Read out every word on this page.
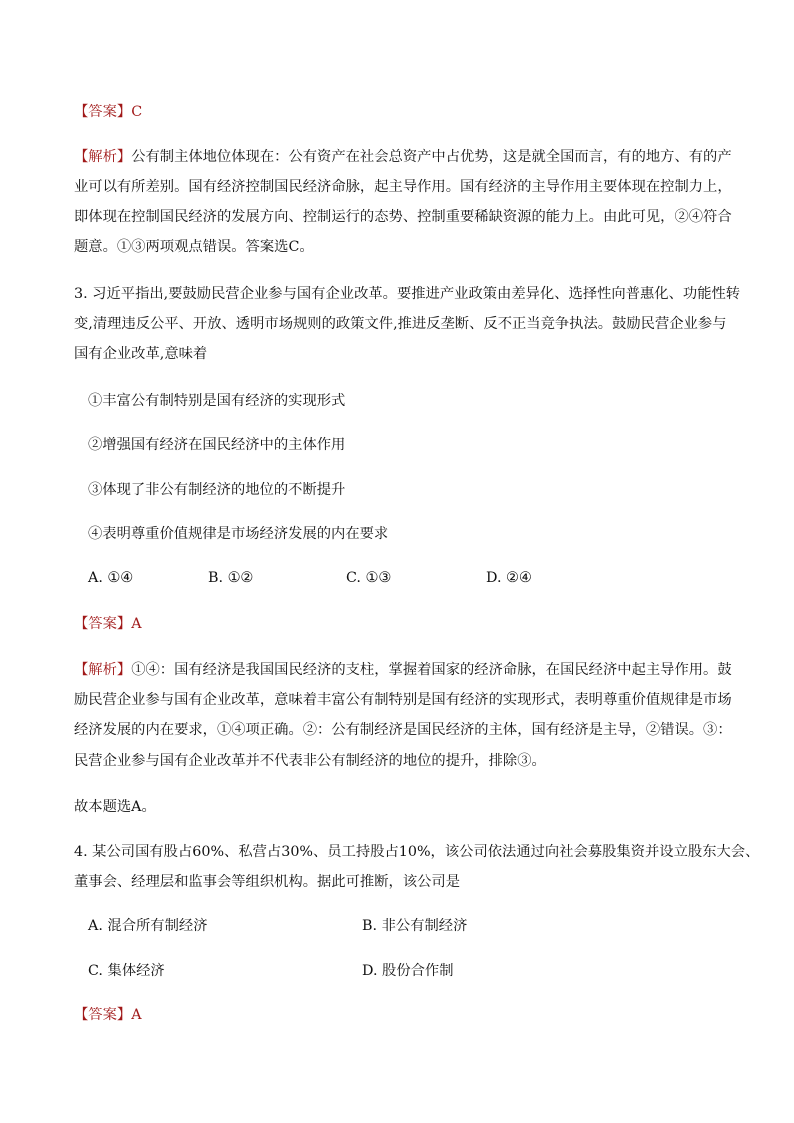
【答案】C
【解析】公有制主体地位体现在：公有资产在社会总资产中占优势，这是就全国而言，有的地方、有的产
业可以有所差别。国有经济控制国民经济命脉，起主导作用。国有经济的主导作用主要体现在控制力上，
即体现在控制国民经济的发展方向、控制运行的态势、控制重要稀缺资源的能力上。由此可见，②④符合
题意。①③两项观点错误。答案选C。
3. 习近平指出,要鼓励民营企业参与国有企业改革。要推进产业政策由差异化、选择性向普惠化、功能性转
变,清理违反公平、开放、透明市场规则的政策文件,推进反垄断、反不正当竞争执法。鼓励民营企业参与
国有企业改革,意味着
①丰富公有制特别是国有经济的实现形式
②增强国有经济在国民经济中的主体作用
③体现了非公有制经济的地位的不断提升
④表明尊重价值规律是市场经济发展的内在要求
A. ①④	B. ①②	C. ①③	D. ②④
【答案】A
【解析】①④：国有经济是我国国民经济的支柱，掌握着国家的经济命脉，在国民经济中起主导作用。鼓
励民营企业参与国有企业改革，意味着丰富公有制特别是国有经济的实现形式，表明尊重价值规律是市场
经济发展的内在要求，①④项正确。②：公有制经济是国民经济的主体，国有经济是主导，②错误。③：
民营企业参与国有企业改革并不代表非公有制经济的地位的提升，排除③。
故本题选A。
4. 某公司国有股占60%、私营占30%、员工持股占10%，该公司依法通过向社会募股集资并设立股东大会、
董事会、经理层和监事会等组织机构。据此可推断，该公司是
A. 混合所有制经济	B. 非公有制经济
C. 集体经济	D. 股份合作制
【答案】A
